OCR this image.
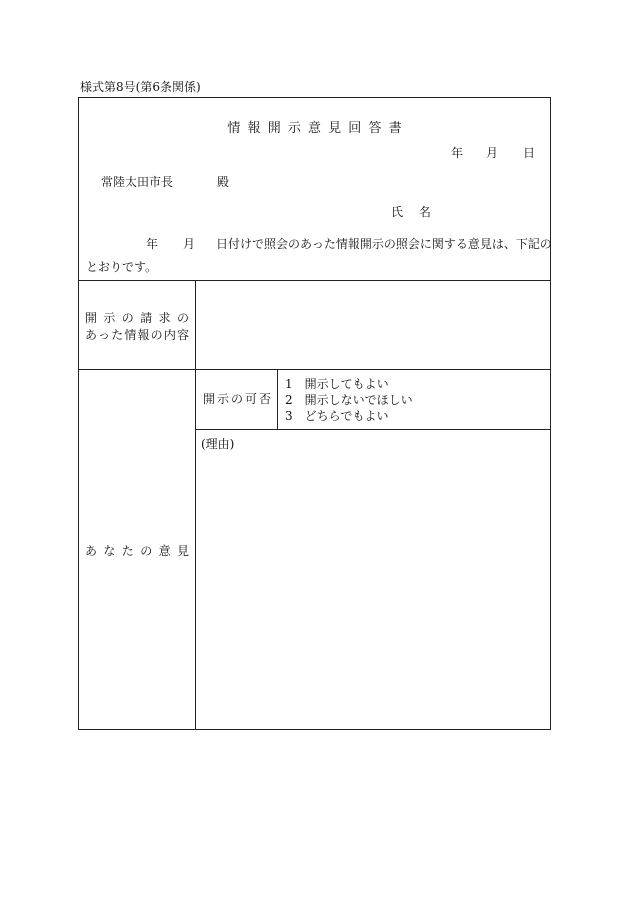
様式第8号(第6条関係)
情報開示意見回答書
年 月 日
常陸太田市長	殿
氏 名
年 月 日付けで照会のあった情報開示の照会に関する意見は、下記の
とおりです。
開示の請求の
あった情報の内容
あなたの意見
開示の可否
1　開示してもよい
2　開示しないでほしい
3　どちらでもよい
(理由)
